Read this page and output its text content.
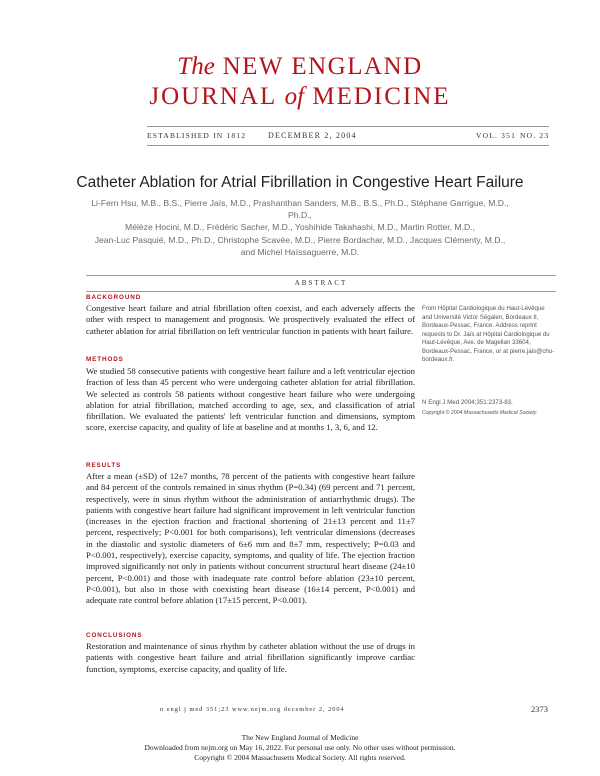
The NEW ENGLAND
JOURNAL of MEDICINE
ESTABLISHED IN 1812	DECEMBER 2, 2004	VOL. 351 NO. 23
Catheter Ablation for Atrial Fibrillation in Congestive Heart Failure
Li-Fern Hsu, M.B., B.S., Pierre Jaïs, M.D., Prashanthan Sanders, M.B., B.S., Ph.D., Stéphane Garrigue, M.D., Ph.D.,
Mélèze Hocini, M.D., Frédéric Sacher, M.D., Yoshihide Takahashi, M.D., Martin Rotter, M.D.,
Jean-Luc Pasquié, M.D., Ph.D., Christophe Scavée, M.D., Pierre Bordachar, M.D., Jacques Clémenty, M.D.,
and Michel Haïssaguerre, M.D.
ABSTRACT
BACKGROUND
Congestive heart failure and atrial fibrillation often coexist, and each adversely affects the other with respect to management and prognosis. We prospectively evaluated the effect of catheter ablation for atrial fibrillation on left ventricular function in patients with heart failure.
METHODS
We studied 58 consecutive patients with congestive heart failure and a left ventricular ejection fraction of less than 45 percent who were undergoing catheter ablation for atrial fibrillation. We selected as controls 58 patients without congestive heart failure who were undergoing ablation for atrial fibrillation, matched according to age, sex, and classification of atrial fibrillation. We evaluated the patients' left ventricular function and dimensions, symptom score, exercise capacity, and quality of life at baseline and at months 1, 3, 6, and 12.
RESULTS
After a mean (±SD) of 12±7 months, 78 percent of the patients with congestive heart failure and 84 percent of the controls remained in sinus rhythm (P=0.34) (69 percent and 71 percent, respectively, were in sinus rhythm without the administration of antiarrhythmic drugs). The patients with congestive heart failure had significant improvement in left ventricular function (increases in the ejection fraction and fractional shortening of 21±13 percent and 11±7 percent, respectively; P<0.001 for both comparisons), left ventricular dimensions (decreases in the diastolic and systolic diameters of 6±6 mm and 8±7 mm, respectively; P=0.03 and P<0.001, respectively), exercise capacity, symptoms, and quality of life. The ejection fraction improved significantly not only in patients without concurrent structural heart disease (24±10 percent, P<0.001) and those with inadequate rate control before ablation (23±10 percent, P<0.001), but also in those with coexisting heart disease (16±14 percent, P<0.001) and adequate rate control before ablation (17±15 percent, P<0.001).
CONCLUSIONS
Restoration and maintenance of sinus rhythm by catheter ablation without the use of drugs in patients with congestive heart failure and atrial fibrillation significantly improve cardiac function, symptoms, exercise capacity, and quality of life.
From Hôpital Cardiologique du Haut-Lévêque and Université Victor Ségalen, Bordeaux II, Bordeaux-Pessac, France. Address reprint requests to Dr. Jaïs at Hôpital Cardiologique du Haut-Lévêque, Ave. de Magellan 33604, Bordeaux-Pessac, France, or at pierre.jais@chu-bordeaux.fr.
N Engl J Med 2004;351:2373-83.
Copyright © 2004 Massachusetts Medical Society.
n engl j med 351;23 www.nejm.org december 2, 2004	2373
The New England Journal of Medicine
Downloaded from nejm.org on May 16, 2022. For personal use only. No other uses without permission.
Copyright © 2004 Massachusetts Medical Society. All rights reserved.
